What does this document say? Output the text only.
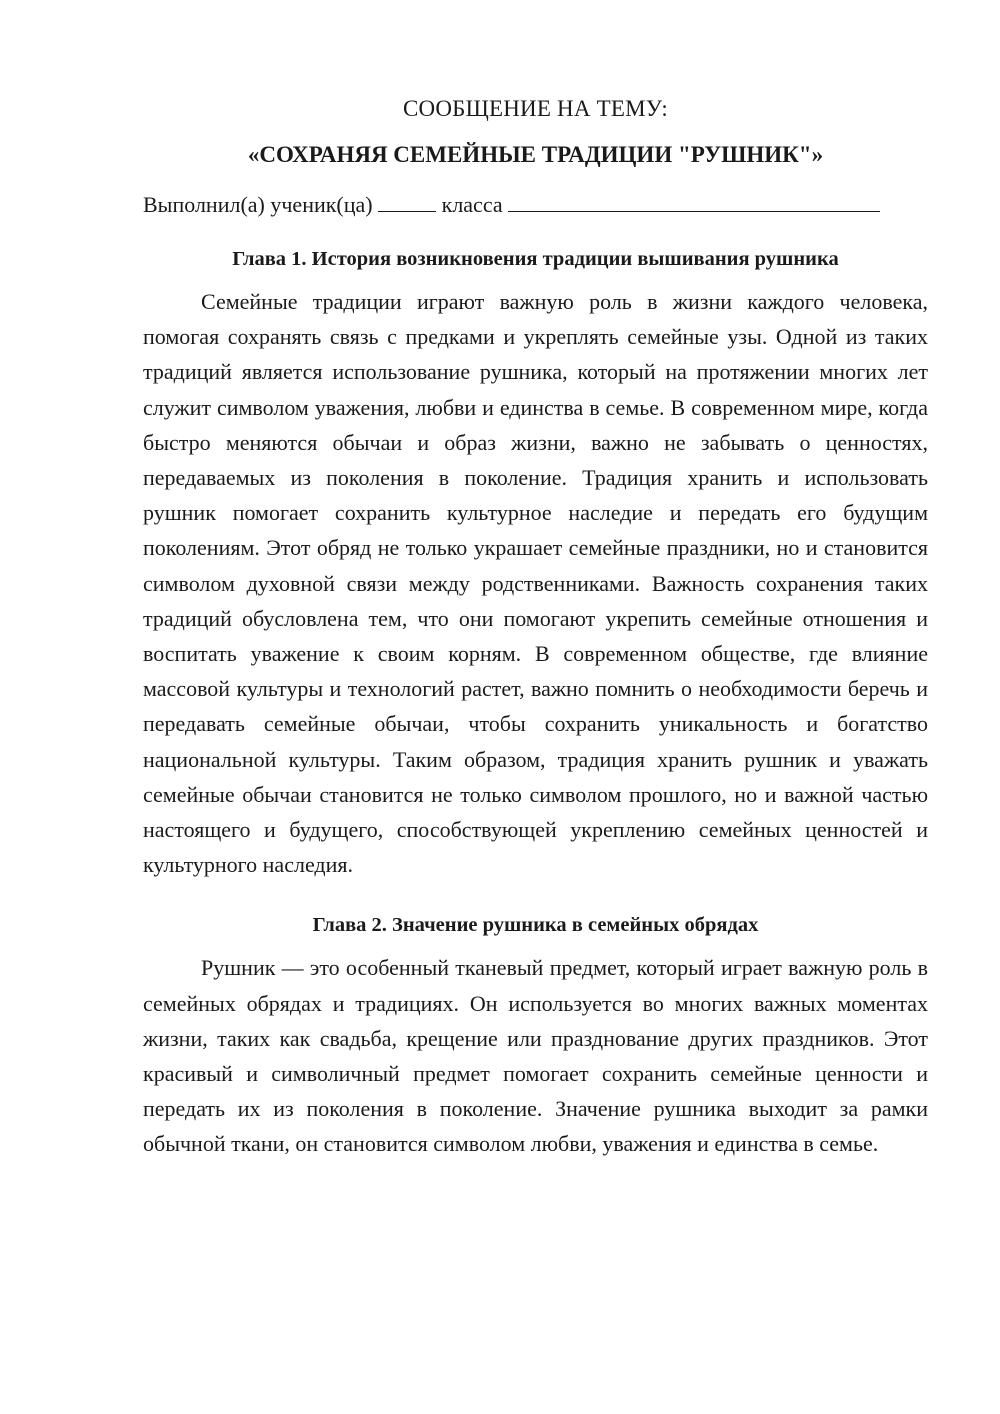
СООБЩЕНИЕ НА ТЕМУ:

«СОХРАНЯЯ СЕМЕЙНЫЕ ТРАДИЦИИ "РУШНИК"»

Выполнил(а) ученик(ца)	класса

Глава 1. История возникновения традиции вышивания рушника

Семейные традиции играют важную роль в жизни каждого человека, помогая сохранять связь с предками и укреплять семейные узы. Одной из таких традиций является использование рушника, который на протяжении многих лет служит символом уважения, любви и единства в семье. В современном мире, когда быстро меняются обычаи и образ жизни, важно не забывать о ценностях, передаваемых из поколения в поколение. Традиция хранить и использовать рушник помогает сохранить культурное наследие и передать его будущим поколениям. Этот обряд не только украшает семейные праздники, но и становится символом духовной связи между родственниками. Важность сохранения таких традиций обусловлена тем, что они помогают укрепить семейные отношения и воспитать уважение к своим корням. В современном обществе, где влияние массовой культуры и технологий растет, важно помнить о необходимости беречь и передавать семейные обычаи, чтобы сохранить уникальность и богатство национальной культуры. Таким образом, традиция хранить рушник и уважать семейные обычаи становится не только символом прошлого, но и важной частью настоящего и будущего, способствующей укреплению семейных ценностей и культурного наследия.

Глава 2. Значение рушника в семейных обрядах

Рушник — это особенный тканевый предмет, который играет важную роль в семейных обрядах и традициях. Он используется во многих важных моментах жизни, таких как свадьба, крещение или празднование других праздников. Этот красивый и символичный предмет помогает сохранить семейные ценности и передать их из поколения в поколение. Значение рушника выходит за рамки обычной ткани, он становится символом любви, уважения и единства в семье.
